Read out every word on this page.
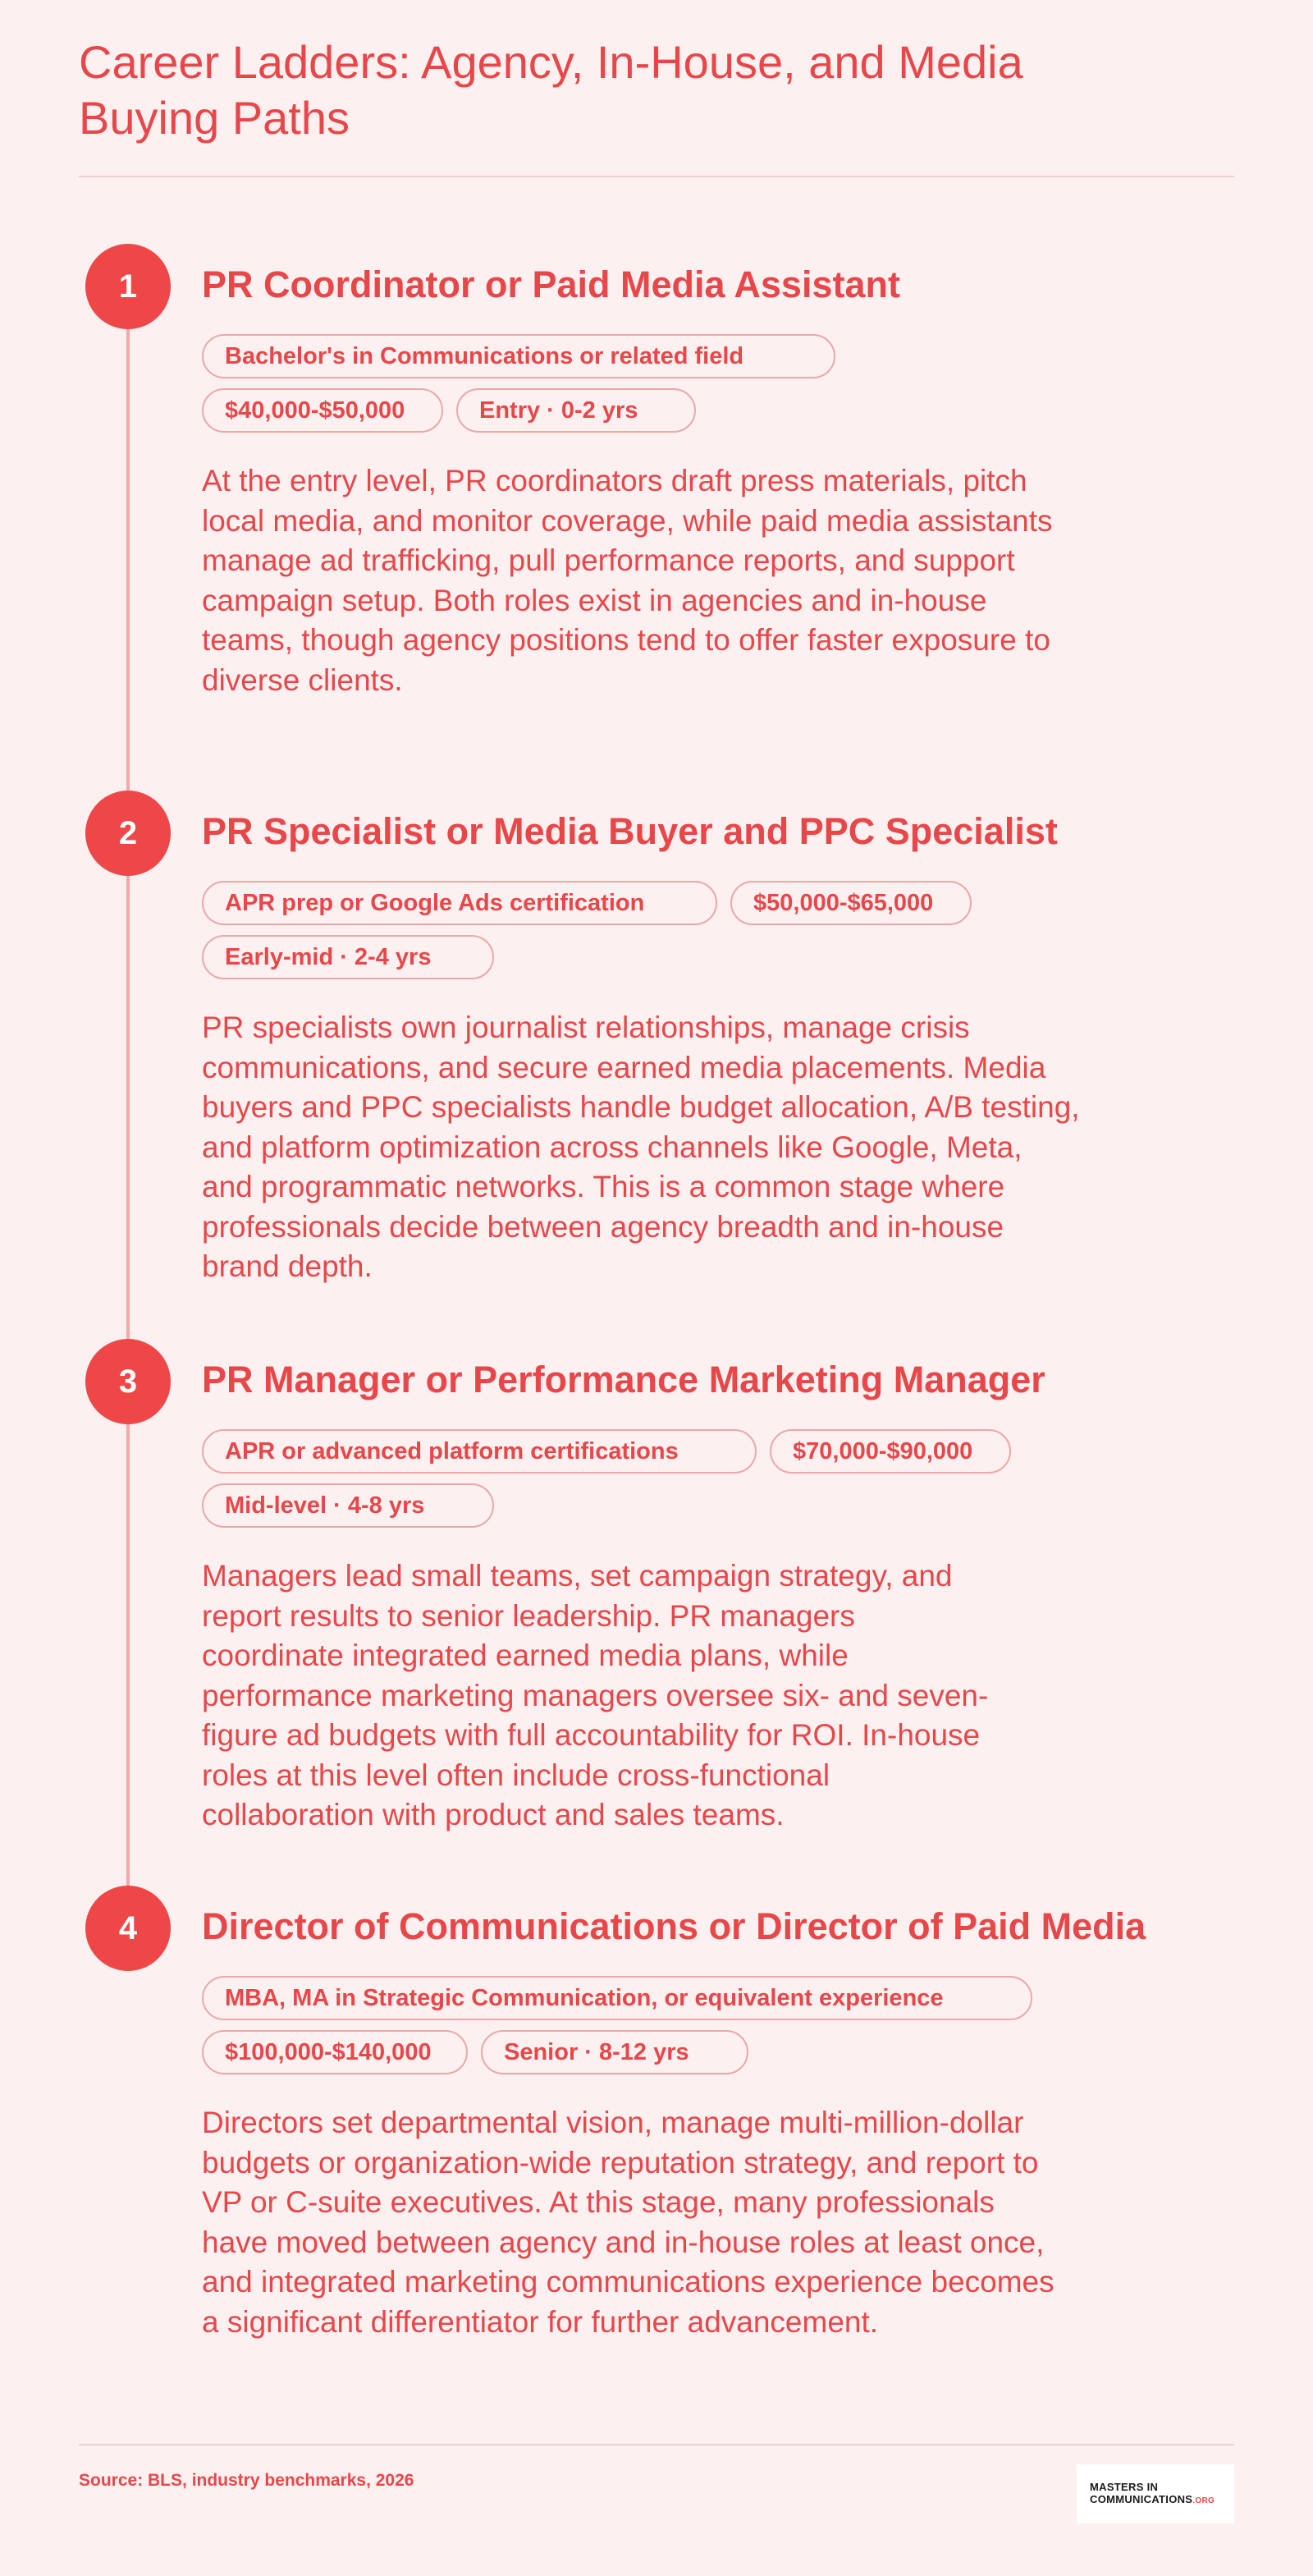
Career Ladders: Agency, In-House, and Media Buying Paths
1	PR Coordinator or Paid Media Assistant
Bachelor's in Communications or related field
$40,000-$50,000	Entry · 0-2 yrs

At the entry level, PR coordinators draft press materials, pitch local media, and monitor coverage, while paid media assistants manage ad trafficking, pull performance reports, and support campaign setup. Both roles exist in agencies and in-house teams, though agency positions tend to offer faster exposure to diverse clients.

2	PR Specialist or Media Buyer and PPC Specialist
APR prep or Google Ads certification	$50,000-$65,000
Early-mid · 2-4 yrs

PR specialists own journalist relationships, manage crisis communications, and secure earned media placements. Media buyers and PPC specialists handle budget allocation, A/B testing, and platform optimization across channels like Google, Meta, and programmatic networks. This is a common stage where professionals decide between agency breadth and in-house brand depth.

3	PR Manager or Performance Marketing Manager
APR or advanced platform certifications	$70,000-$90,000
Mid-level · 4-8 yrs

Managers lead small teams, set campaign strategy, and report results to senior leadership. PR managers coordinate integrated earned media plans, while performance marketing managers oversee six- and seven-figure ad budgets with full accountability for ROI. In-house roles at this level often include cross-functional collaboration with product and sales teams.

4	Director of Communications or Director of Paid Media
MBA, MA in Strategic Communication, or equivalent experience
$100,000-$140,000	Senior · 8-12 yrs

Directors set departmental vision, manage multi-million-dollar budgets or organization-wide reputation strategy, and report to VP or C-suite executives. At this stage, many professionals have moved between agency and in-house roles at least once, and integrated marketing communications experience becomes a significant differentiator for further advancement.

Source: BLS, industry benchmarks, 2026	MASTERS IN
COMMUNICATIONS.ORG
